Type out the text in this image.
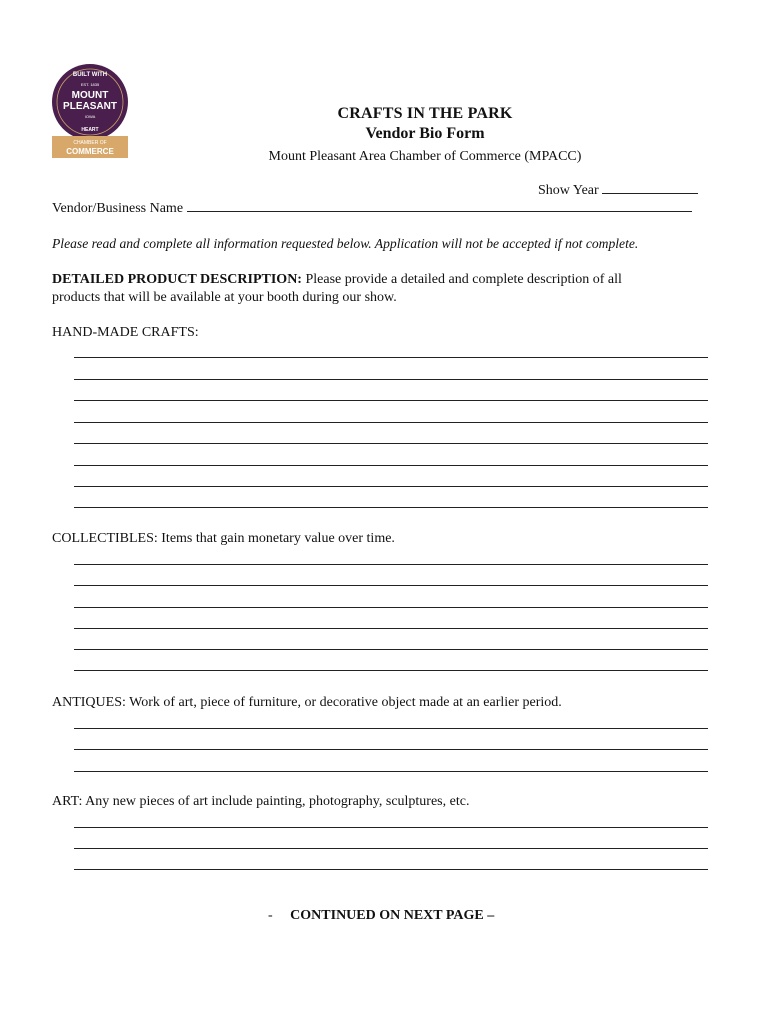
BUILT WITH
EST. 1835
MOUNT
PLEASANT
IOWA
HEART
CHAMBER OF
COMMERCE
CRAFTS IN THE PARK
Vendor Bio Form
Mount Pleasant Area Chamber of Commerce (MPACC)
Show Year
Vendor/Business Name
Please read and complete all information requested below. Application will not be accepted if not complete.
DETAILED PRODUCT DESCRIPTION: Please provide a detailed and complete description of all
products that will be available at your booth during our show.
HAND-MADE CRAFTS:
COLLECTIBLES: Items that gain monetary value over time.
ANTIQUES: Work of art, piece of furniture, or decorative object made at an earlier period.
ART: Any new pieces of art include painting, photography, sculptures, etc.
- CONTINUED ON NEXT PAGE –
